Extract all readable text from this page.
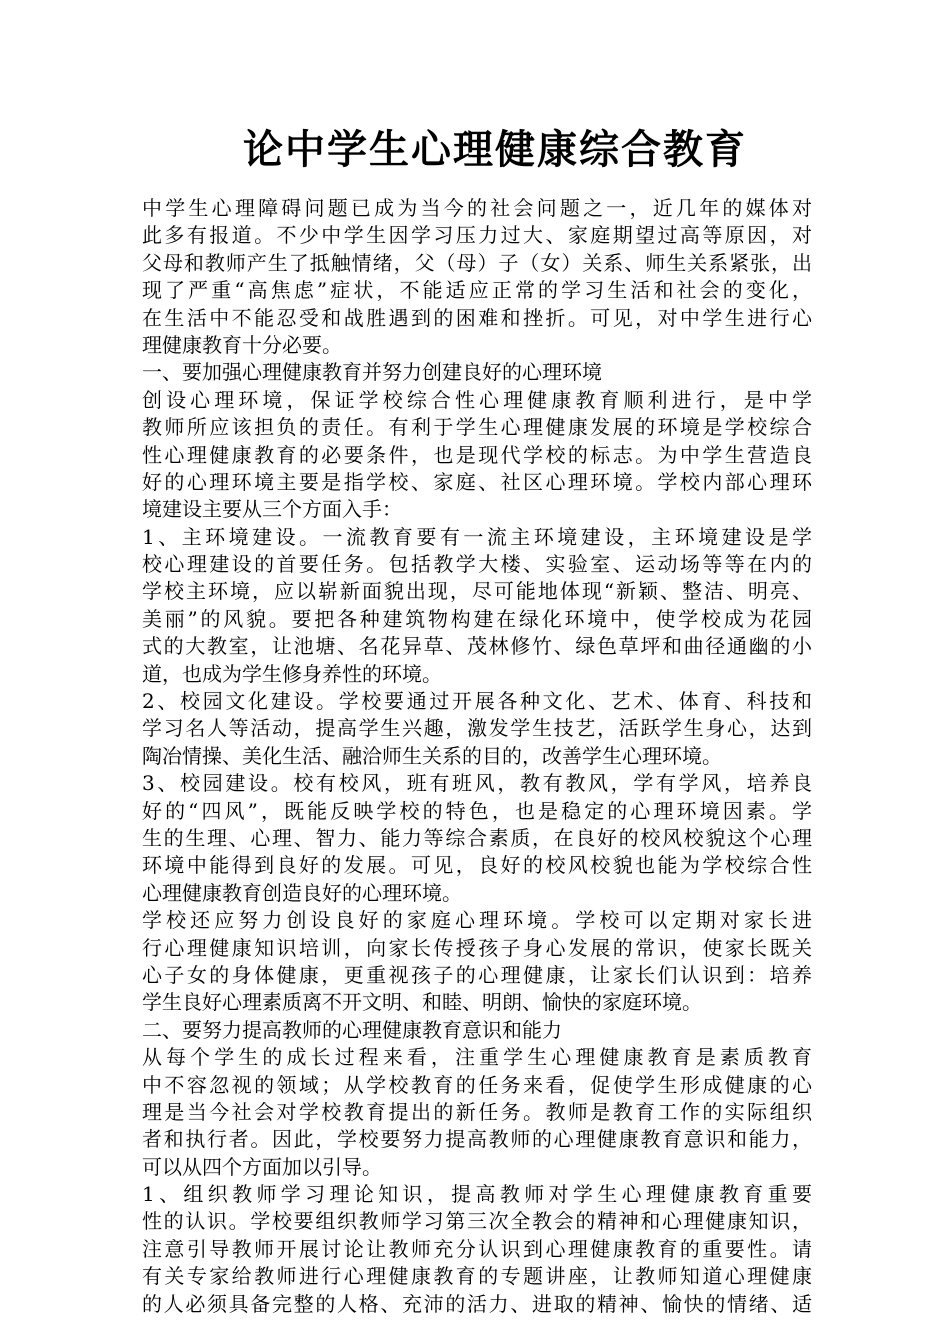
论中学生心理健康综合教育
中学生心理障碍问题已成为当今的社会问题之一，近几年的媒体对
此多有报道。不少中学生因学习压力过大、家庭期望过高等原因，对
父母和教师产生了抵触情绪，父（母）子（女）关系、师生关系紧张，出
现了严重“高焦虑”症状，不能适应正常的学习生活和社会的变化，
在生活中不能忍受和战胜遇到的困难和挫折。可见，对中学生进行心
理健康教育十分必要。
一、要加强心理健康教育并努力创建良好的心理环境
创设心理环境，保证学校综合性心理健康教育顺利进行，是中学
教师所应该担负的责任。有利于学生心理健康发展的环境是学校综合
性心理健康教育的必要条件，也是现代学校的标志。为中学生营造良
好的心理环境主要是指学校、家庭、社区心理环境。学校内部心理环
境建设主要从三个方面入手：
1、主环境建设。一流教育要有一流主环境建设，主环境建设是学
校心理建设的首要任务。包括教学大楼、实验室、运动场等等在内的
学校主环境，应以崭新面貌出现，尽可能地体现“新颖、整洁、明亮、
美丽”的风貌。要把各种建筑物构建在绿化环境中，使学校成为花园
式的大教室，让池塘、名花异草、茂林修竹、绿色草坪和曲径通幽的小
道，也成为学生修身养性的环境。
2、校园文化建设。学校要通过开展各种文化、艺术、体育、科技和
学习名人等活动，提高学生兴趣，激发学生技艺，活跃学生身心，达到
陶冶情操、美化生活、融洽师生关系的目的，改善学生心理环境。
3、校园建设。校有校风，班有班风，教有教风，学有学风，培养良
好的“四风”，既能反映学校的特色，也是稳定的心理环境因素。学
生的生理、心理、智力、能力等综合素质，在良好的校风校貌这个心理
环境中能得到良好的发展。可见，良好的校风校貌也能为学校综合性
心理健康教育创造良好的心理环境。
学校还应努力创设良好的家庭心理环境。学校可以定期对家长进
行心理健康知识培训，向家长传授孩子身心发展的常识，使家长既关
心子女的身体健康，更重视孩子的心理健康，让家长们认识到：培养
学生良好心理素质离不开文明、和睦、明朗、愉快的家庭环境。
二、要努力提高教师的心理健康教育意识和能力
从每个学生的成长过程来看，注重学生心理健康教育是素质教育
中不容忽视的领域；从学校教育的任务来看，促使学生形成健康的心
理是当今社会对学校教育提出的新任务。教师是教育工作的实际组织
者和执行者。因此，学校要努力提高教师的心理健康教育意识和能力，
可以从四个方面加以引导。
1、组织教师学习理论知识，提高教师对学生心理健康教育重要
性的认识。学校要组织教师学习第三次全教会的精神和心理健康知识，
注意引导教师开展讨论让教师充分认识到心理健康教育的重要性。请
有关专家给教师进行心理健康教育的专题讲座，让教师知道心理健康
的人必须具备完整的人格、充沛的活力、进取的精神、愉快的情绪、适
